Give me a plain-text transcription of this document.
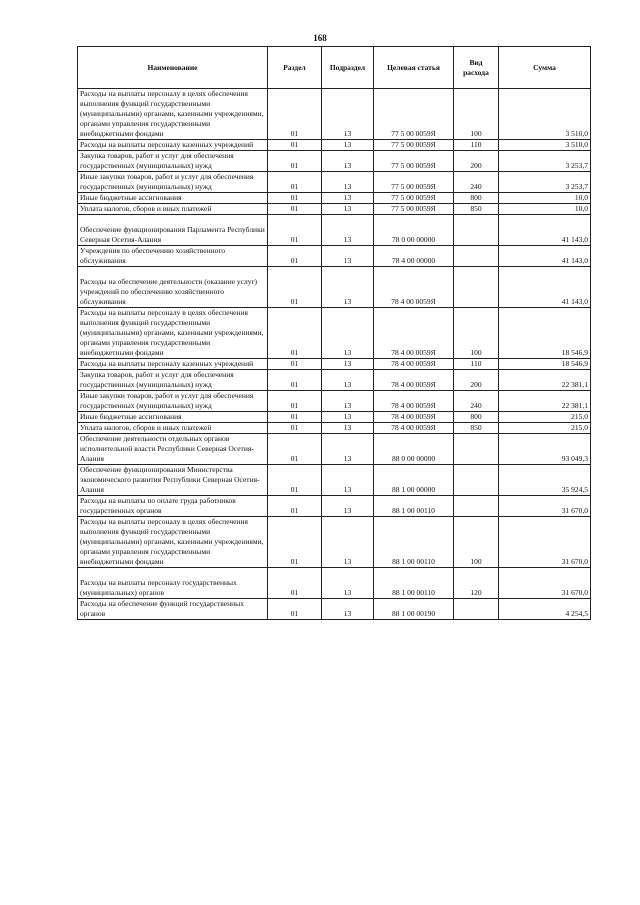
168
Наименование	Раздел	Подраздел	Целевая статья	Вид расхода	Сумма
Расходы на выплаты персоналу в целях обеспечения выполнения функций государственными (муниципальными) органами, казенными учреждениями, органами управления государственными внебюджетными фондами	01	13	77 5 00 0059Я	100	3 510,0
Расходы на выплаты персоналу казенных учреждений	01	13	77 5 00 0059Я	110	3 510,0
Закупка товаров, работ и услуг для обеспечения государственных (муниципальных) нужд	01	13	77 5 00 0059Я	200	3 253,7
Иные закупки товаров, работ и услуг для обеспечения государственных (муниципальных) нужд	01	13	77 5 00 0059Я	240	3 253,7
Иные бюджетные ассигнования	01	13	77 5 00 0059Я	800	10,0
Уплата налогов, сборов и иных платежей	01	13	77 5 00 0059Я	850	10,0
Обеспечение функционирования Парламента Республики Северная Осетия-Алания	01	13	78 0 00 00000		41 143,0
Учреждения по обеспечению хозяйственного обслуживания	01	13	78 4 00 00000		41 143,0
Расходы на обеспечение деятельности (оказание услуг) учреждений по обеспечению хозяйственного обслуживания	01	13	78 4 00 0059Я		41 143,0
Расходы на выплаты персоналу в целях обеспечения выполнения функций государственными (муниципальными) органами, казенными учреждениями, органами управления государственными внебюджетными фондами	01	13	78 4 00 0059Я	100	18 546,9
Расходы на выплаты персоналу казенных учреждений	01	13	78 4 00 0059Я	110	18 546,9
Закупка товаров, работ и услуг для обеспечения государственных (муниципальных) нужд	01	13	78 4 00 0059Я	200	22 381,1
Иные закупки товаров, работ и услуг для обеспечения государственных (муниципальных) нужд	01	13	78 4 00 0059Я	240	22 381,1
Иные бюджетные ассигнования	01	13	78 4 00 0059Я	800	215,0
Уплата налогов, сборов и иных платежей	01	13	78 4 00 0059Я	850	215,0
Обеспечение деятельности отдельных органов исполнительной власти Республики Северная Осетия-Алания	01	13	88 0 00 00000		93 049,3
Обеспечение функционирования Министерства экономического развития Республики Северная Осетия-Алания	01	13	88 1 00 00000		35 924,5
Расходы на выплаты по оплате труда работников государственных органов	01	13	88 1 00 00110		31 670,0
Расходы на выплаты персоналу в целях обеспечения выполнения функций государственными (муниципальными) органами, казенными учреждениями, органами управления государственными внебюджетными фондами	01	13	88 1 00 00110	100	31 670,0
Расходы на выплаты персоналу государственных (муниципальных) органов	01	13	88 1 00 00110	120	31 670,0
Расходы на обеспечение функций государственных органов	01	13	88 1 00 00190		4 254,5
